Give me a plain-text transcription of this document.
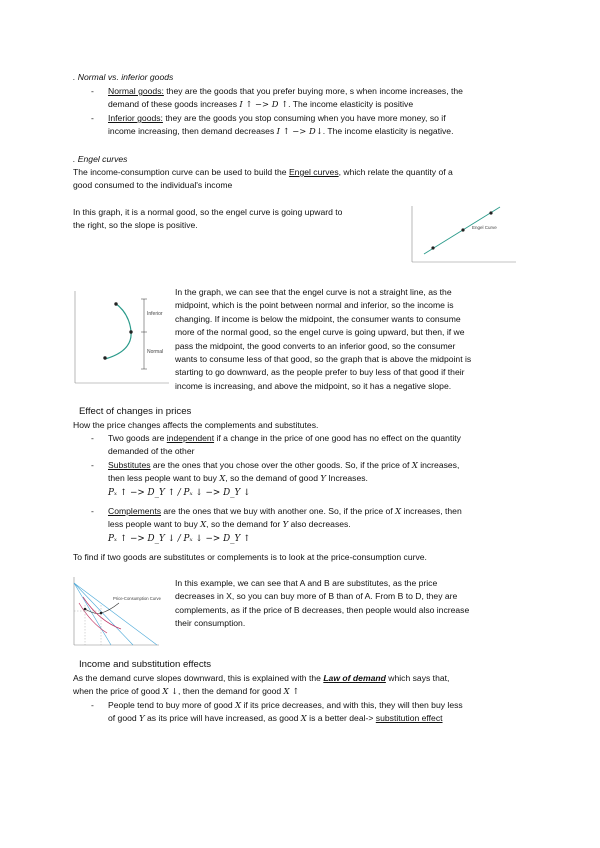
. Normal vs. inferior goods
- Normal goods: they are the goods that you prefer buying more, s when income increases, the
demand of these goods increases I ↑ −> D ↑. The income elasticity is positive
- Inferior goods: they are the goods you stop consuming when you have more money, so if
income increasing, then demand decreases I ↑ −> D↓. The income elasticity is negative.
. Engel curves
The income-consumption curve can be used to build the Engel curves, which relate the quantity of a
good consumed to the individual's income
In this graph, it is a normal good, so the engel curve is going upward to
the right, so the slope is positive.	Engel Curve
Inferior
Normal
In the graph, we can see that the engel curve is not a straight line, as the
midpoint, which is the point between normal and inferior, so the income is
changing. If income is below the midpoint, the consumer wants to consume
more of the normal good, so the engel curve is going upward, but then, if we
pass the midpoint, the good converts to an inferior good, so the consumer
wants to consume less of that good, so the graph that is above the midpoint is
starting to go downward, as the people prefer to buy less of that good if their
income is increasing, and above the midpoint, so it has a negative slope.
Effect of changes in prices
How the price changes affects the complements and substitutes.
- Two goods are independent if a change in the price of one good has no effect on the quantity
demanded of the other
- Substitutes are the ones that you chose over the other goods. So, if the price of X increases,
then less people want to buy X, so the demand of good Y Increases.
Pₓ ↑ −> D_Y ↑ / Pₓ ↓ −> D_Y ↓
- Complements are the ones that we buy with another one. So, if the price of X increases, then
less people want to buy X, so the demand for Y also decreases.
Pₓ ↑ −> D_Y ↓ / Pₓ ↓ −> D_Y ↑
To find if two goods are substitutes or complements is to look at the price-consumption curve.
Price-Consumption Curve
In this example, we can see that A and B are substitutes, as the price
decreases in X, so you can buy more of B than of A. From B to D, they are
complements, as if the price of B decreases, then people would also increase
their consumption.
Income and substitution effects
As the demand curve slopes downward, this is explained with the Law of demand which says that,
when the price of good X ↓, then the demand for good X ↑
- People tend to buy more of good X if its price decreases, and with this, they will then buy less
of good Y as its price will have increased, as good X is a better deal-> substitution effect
